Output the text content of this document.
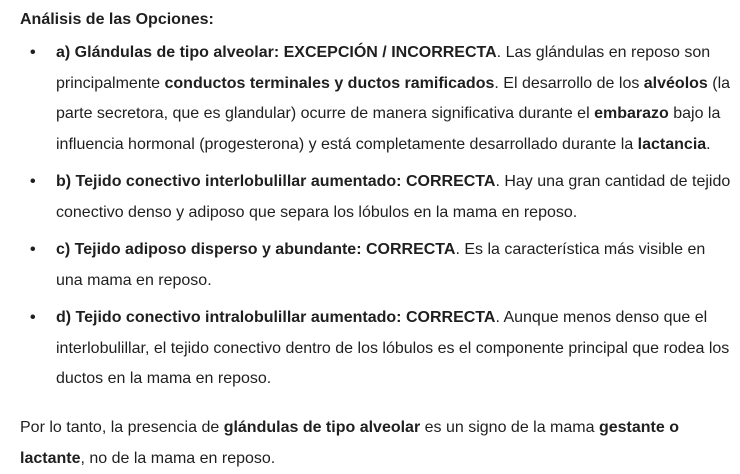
Análisis de las Opciones:

• a) Glándulas de tipo alveolar: EXCEPCIÓN / INCORRECTA. Las glándulas en reposo son principalmente conductos terminales y ductos ramificados. El desarrollo de los alvéolos (la parte secretora, que es glandular) ocurre de manera significativa durante el embarazo bajo la influencia hormonal (progesterona) y está completamente desarrollado durante la lactancia.
• b) Tejido conectivo interlobulillar aumentado: CORRECTA. Hay una gran cantidad de tejido conectivo denso y adiposo que separa los lóbulos en la mama en reposo.
• c) Tejido adiposo disperso y abundante: CORRECTA. Es la característica más visible en una mama en reposo.
• d) Tejido conectivo intralobulillar aumentado: CORRECTA. Aunque menos denso que el interlobulillar, el tejido conectivo dentro de los lóbulos es el componente principal que rodea los ductos en la mama en reposo.

Por lo tanto, la presencia de glándulas de tipo alveolar es un signo de la mama gestante o lactante, no de la mama en reposo.
